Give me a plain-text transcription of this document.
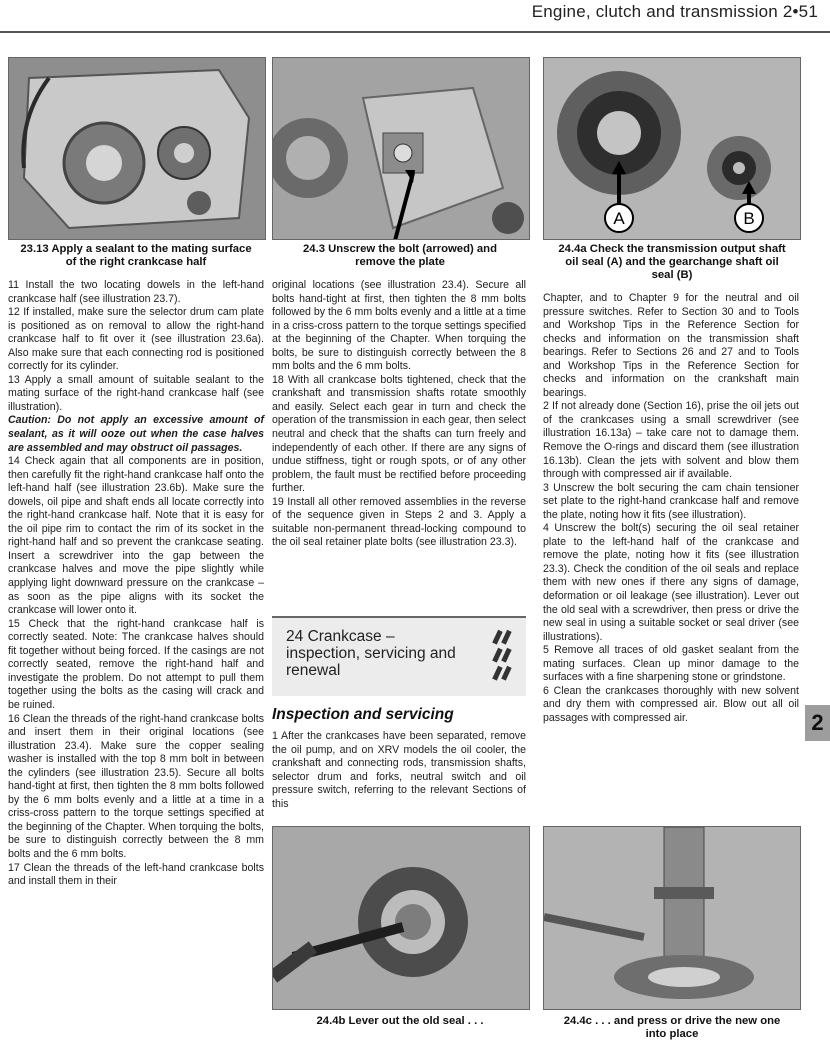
Engine, clutch and transmission 2•51
23.13 Apply a sealant to the mating surface of the right crankcase half
24.3 Unscrew the bolt (arrowed) and remove the plate
A	B
24.4a Check the transmission output shaft oil seal (A) and the gearchange shaft oil seal (B)

11 Install the two locating dowels in the left-hand crankcase half (see illustration 23.7).

12 If installed, make sure the selector drum cam plate is positioned as on removal to allow the right-hand crankcase half to fit over it (see illustration 23.6a). Also make sure that each connecting rod is positioned correctly for its cylinder.

13 Apply a small amount of suitable sealant to the mating surface of the right-hand crankcase half (see illustration).

Caution: Do not apply an excessive amount of sealant, as it will ooze out when the case halves are assembled and may obstruct oil passages.

14 Check again that all components are in position, then carefully fit the right-hand crankcase half onto the left-hand half (see illustration 23.6b). Make sure the dowels, oil pipe and shaft ends all locate correctly into the right-hand crankcase half. Note that it is easy for the oil pipe rim to contact the rim of its socket in the right-hand half and so prevent the crankcase seating. Insert a screwdriver into the gap between the crankcase halves and move the pipe slightly while applying light downward pressure on the crankcase – as soon as the pipe aligns with its socket the crankcase will lower onto it.

15 Check that the right-hand crankcase half is correctly seated. Note: The crankcase halves should fit together without being forced. If the casings are not correctly seated, remove the right-hand half and investigate the problem. Do not attempt to pull them together using the bolts as the casing will crack and be ruined.

16 Clean the threads of the right-hand crankcase bolts and insert them in their original locations (see illustration 23.4). Make sure the copper sealing washer is installed with the top 8 mm bolt in between the cylinders (see illustration 23.5). Secure all bolts hand-tight at first, then tighten the 8 mm bolts followed by the 6 mm bolts evenly and a little at a time in a criss-cross pattern to the torque settings specified at the beginning of the Chapter. When torquing the bolts, be sure to distinguish correctly between the 8 mm bolts and the 6 mm bolts.

17 Clean the threads of the left-hand crankcase bolts and install them in their

original locations (see illustration 23.4). Secure all bolts hand-tight at first, then tighten the 8 mm bolts followed by the 6 mm bolts evenly and a little at a time in a criss-cross pattern to the torque settings specified at the beginning of the Chapter. When torquing the bolts, be sure to distinguish correctly between the 8 mm bolts and the 6 mm bolts.

18 With all crankcase bolts tightened, check that the crankshaft and transmission shafts rotate smoothly and easily. Select each gear in turn and check the operation of the transmission in each gear, then select neutral and check that the shafts can turn freely and independently of each other. If there are any signs of undue stiffness, tight or rough spots, or of any other problem, the fault must be rectified before proceeding further.

19 Install all other removed assemblies in the reverse of the sequence given in Steps 2 and 3. Apply a suitable non-permanent thread-locking compound to the oil seal retainer plate bolts (see illustration 23.3).

24 Crankcase – inspection, servicing and renewal
Inspection and servicing

1 After the crankcases have been separated, remove the oil pump, and on XRV models the oil cooler, the crankshaft and connecting rods, transmission shafts, selector drum and forks, neutral switch and oil pressure switch, referring to the relevant Sections of this

Chapter, and to Chapter 9 for the neutral and oil pressure switches. Refer to Section 30 and to Tools and Workshop Tips in the Reference Section for checks and information on the transmission shaft bearings. Refer to Sections 26 and 27 and to Tools and Workshop Tips in the Reference Section for checks and information on the crankshaft main bearings.

2 If not already done (Section 16), prise the oil jets out of the crankcases using a small screwdriver (see illustration 16.13a) – take care not to damage them. Remove the O-rings and discard them (see illustration 16.13b). Clean the jets with solvent and blow them through with compressed air if available.

3 Unscrew the bolt securing the cam chain tensioner set plate to the right-hand crankcase half and remove the plate, noting how it fits (see illustration).

4 Unscrew the bolt(s) securing the oil seal retainer plate to the left-hand half of the crankcase and remove the plate, noting how it fits (see illustration 23.3). Check the condition of the oil seals and replace them with new ones if there any signs of damage, deformation or oil leakage (see illustration). Lever out the old seal with a screwdriver, then press or drive the new seal in using a suitable socket or seal driver (see illustrations).

5 Remove all traces of old gasket sealant from the mating surfaces. Clean up minor damage to the surfaces with a fine sharpening stone or grindstone.

6 Clean the crankcases thoroughly with new solvent and dry them with compressed air. Blow out all oil passages with compressed air.	2
24.4b Lever out the old seal . . .	24.4c . . . and press or drive the new one into place
